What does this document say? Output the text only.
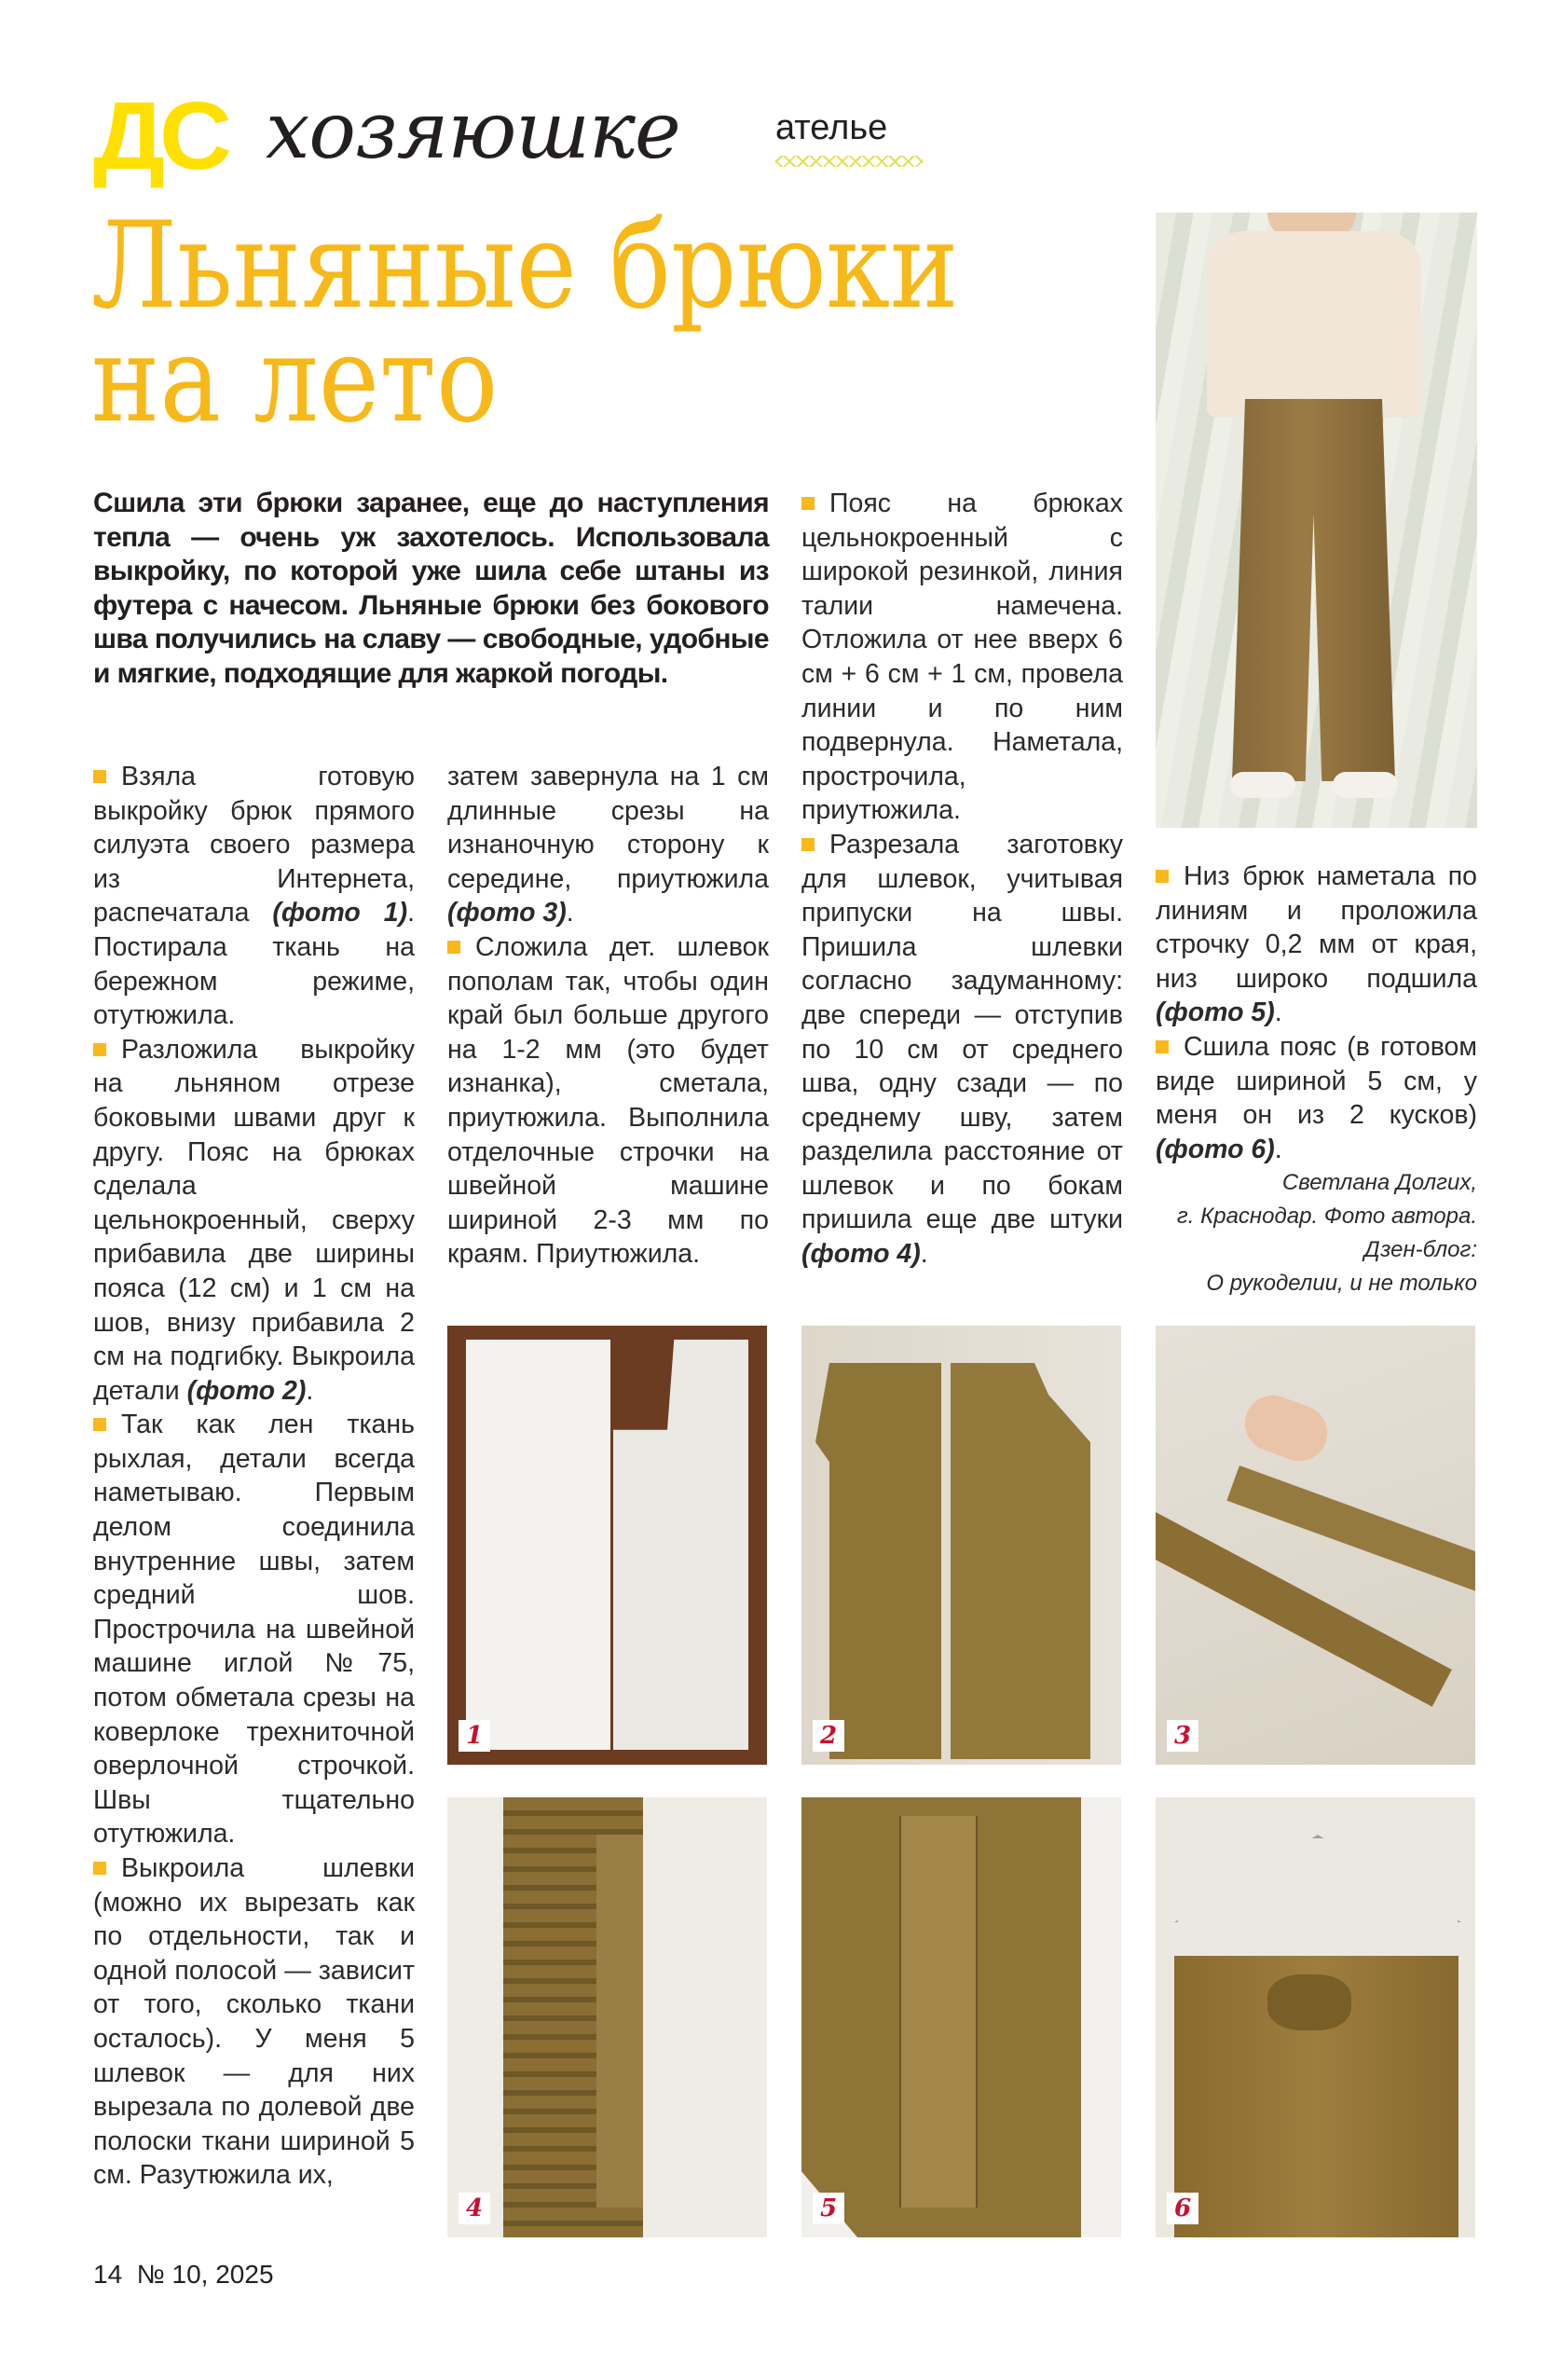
ДС хозяюшке	ателье
Льняные брюки
на лето
Сшила эти брюки заранее, еще до наступления тепла — очень уж захотелось. Использовала выкройку, по которой уже шила себе штаны из футера с начесом. Льняные брюки без бокового шва получились на славу — свободные, удобные и мягкие, подходящие для жаркой погоды.

Взяла готовую выкройку брюк прямого силуэта своего размера из Интернета, распечатала (фото 1). Постирала ткань на бережном режиме, отутюжила.

Разложила выкройку на льняном отрезе боковыми швами друг к другу. Пояс на брюках сделала цельнокроенный, сверху прибавила две ширины пояса (12 см) и 1 см на шов, внизу прибавила 2 см на подгибку. Выкроила детали (фото 2).

Так как лен ткань рыхлая, детали всегда наметываю. Первым делом соединила внутренние швы, затем средний шов. Прострочила на швейной машине иглой №75, потом обметала срезы на коверлоке трехниточной оверлочной строчкой. Швы тщательно отутюжила.

Выкроила шлевки (можно их вырезать как по отдельности, так и одной полосой — зависит от того, сколько ткани осталось). У меня 5 шлевок — для них вырезала по долевой две полоски ткани шириной 5 см. Разутюжила их,

затем завернула на 1 см длинные срезы на изнаночную сторону к середине, приутюжила (фото 3).

Сложила дет. шлевок пополам так, чтобы один край был больше другого на 1-2 мм (это будет изнанка), сметала, приутюжила. Выполнила отделочные строчки на швейной машине шириной 2-3 мм по краям. Приутюжила.

Пояс на брюках цельнокроенный с широкой резинкой, линия талии намечена. Отложила от нее вверх 6 см + 6 см + 1 см, провела линии и по ним подвернула. Наметала, прострочила, приутюжила.

Разрезала заготовку для шлевок, учитывая припуски на швы. Пришила шлевки согласно задуманному: две спереди — отступив по 10 см от среднего шва, одну сзади — по среднему шву, затем разделила расстояние от шлевок и по бокам пришила еще две штуки (фото 4).

Низ брюк наметала по линиям и проложила строчку 0,2 мм от края, низ широко подшила (фото 5).

Сшила пояс (в готовом виде шириной 5 см, у меня он из 2 кусков) (фото 6).

Светлана Долгих,
г. Краснодар. Фото автора.
Дзен-блог:
О рукоделии, и не только
1	2	3
4	5	6
14 № 10, 2025
